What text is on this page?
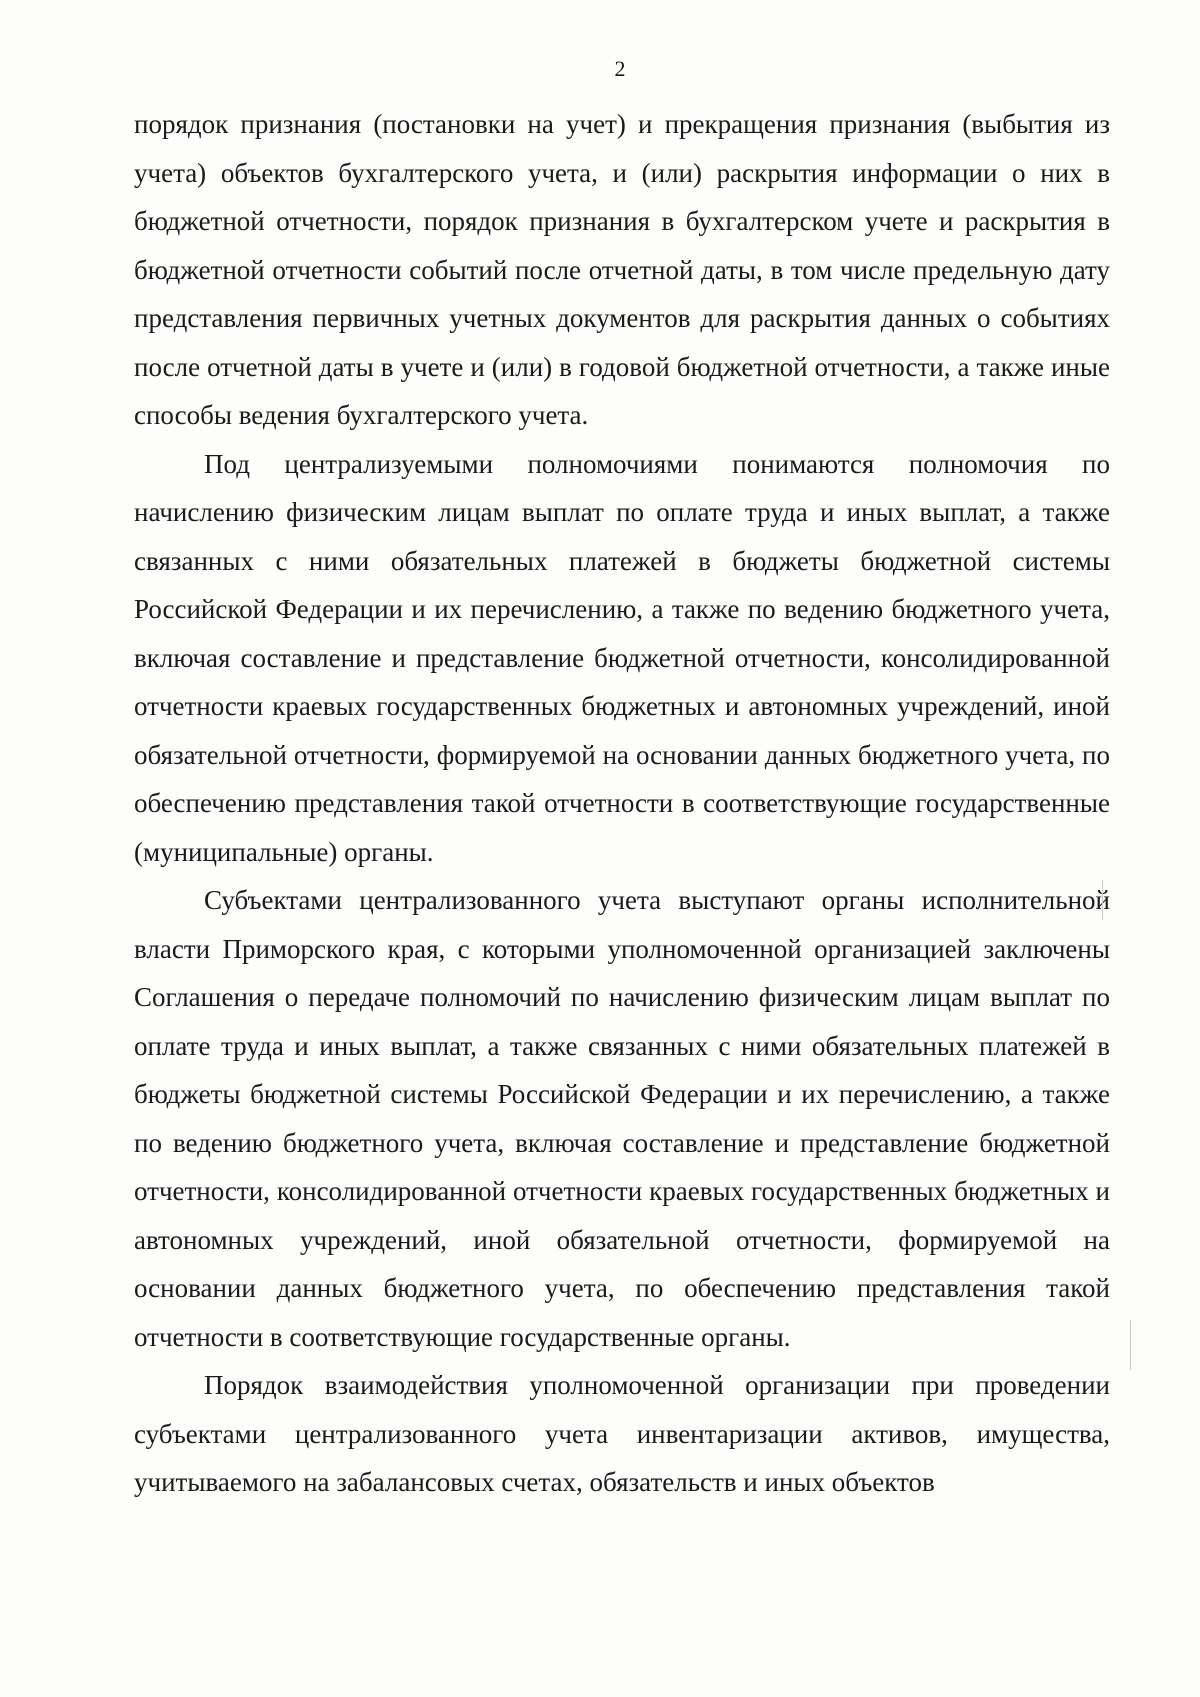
2

порядок признания (постановки на учет) и прекращения признания (выбытия из учета) объектов бухгалтерского учета, и (или) раскрытия информации о них в бюджетной отчетности, порядок признания в бухгалтерском учете и раскрытия в бюджетной отчетности событий после отчетной даты, в том числе предельную дату представления первичных учетных документов для раскрытия данных о событиях после отчетной даты в учете и (или) в годовой бюджетной отчетности, а также иные способы ведения бухгалтерского учета.

Под централизуемыми полномочиями понимаются полномочия по начислению физическим лицам выплат по оплате труда и иных выплат, а также связанных с ними обязательных платежей в бюджеты бюджетной системы Российской Федерации и их перечислению, а также по ведению бюджетного учета, включая составление и представление бюджетной отчетности, консолидированной отчетности краевых государственных бюджетных и автономных учреждений, иной обязательной отчетности, формируемой на основании данных бюджетного учета, по обеспечению представления такой отчетности в соответствующие государственные (муниципальные) органы.

Субъектами централизованного учета выступают органы исполнительной власти Приморского края, с которыми уполномоченной организацией заключены Соглашения о передаче полномочий по начислению физическим лицам выплат по оплате труда и иных выплат, а также связанных с ними обязательных платежей в бюджеты бюджетной системы Российской Федерации и их перечислению, а также по ведению бюджетного учета, включая составление и представление бюджетной отчетности, консолидированной отчетности краевых государственных бюджетных и автономных учреждений, иной обязательной отчетности, формируемой на основании данных бюджетного учета, по обеспечению представления такой отчетности в соответствующие государственные органы.

Порядок взаимодействия уполномоченной организации при проведении субъектами централизованного учета инвентаризации активов, имущества, учитываемого на забалансовых счетах, обязательств и иных объектов
